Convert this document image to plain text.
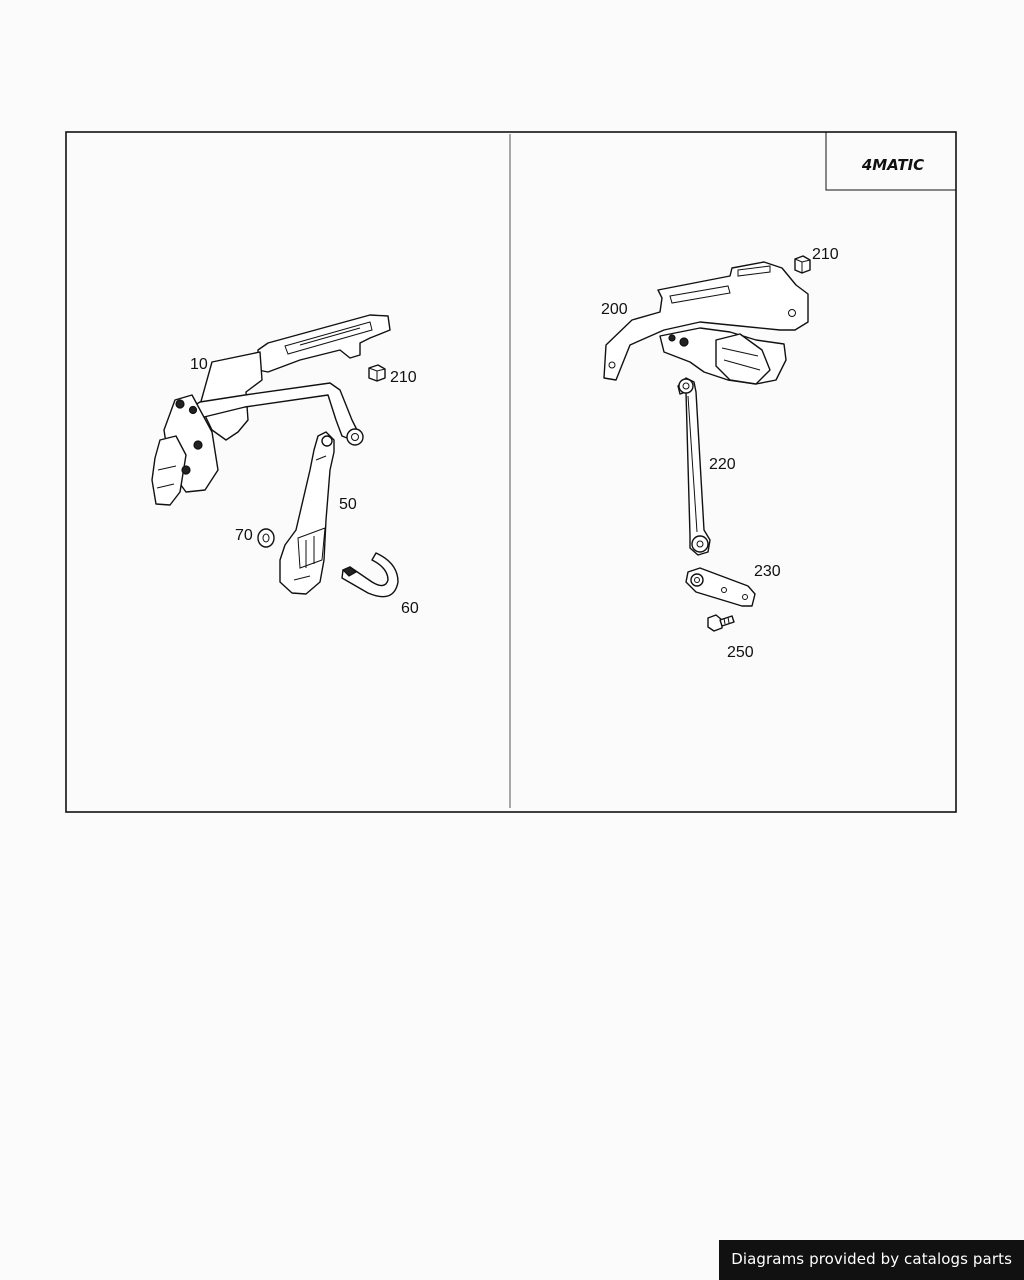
4MATIC
10
210
50
70
60
210
200
220
230
250
Diagrams provided by catalogs parts
